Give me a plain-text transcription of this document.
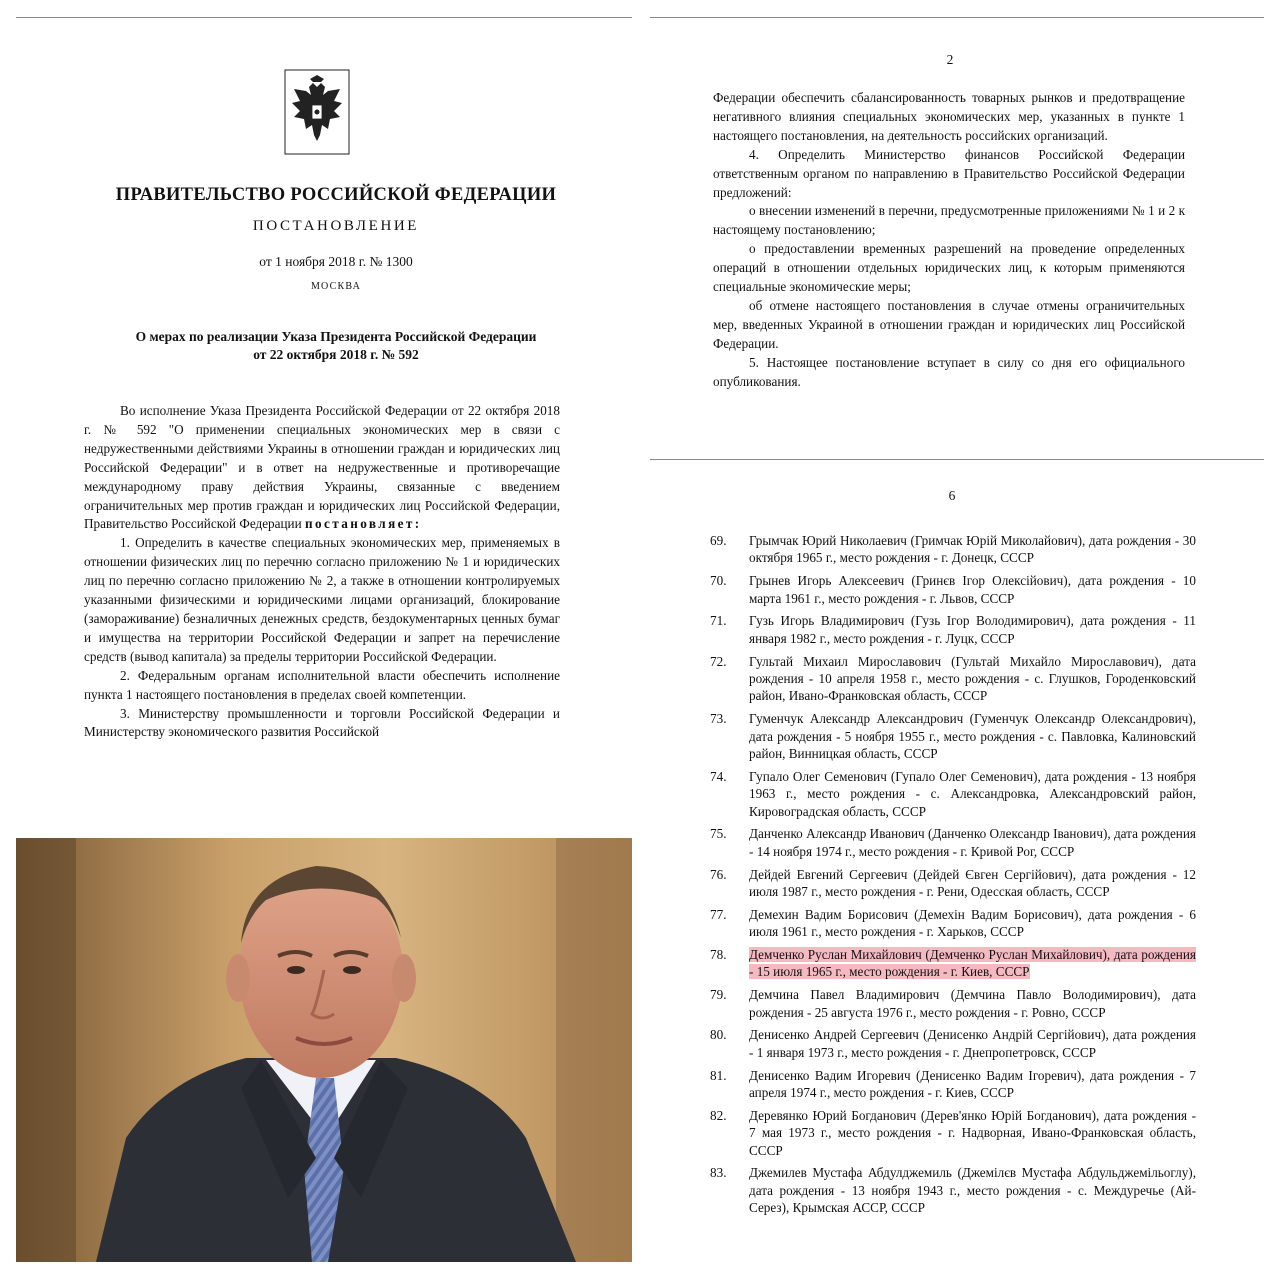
ПРАВИТЕЛЬСТВО РОССИЙСКОЙ ФЕДЕРАЦИИ
ПОСТАНОВЛЕНИЕ
от 1 ноября 2018 г. № 1300
МОСКВА
О мерах по реализации Указа Президента Российской Федерации
от 22 октября 2018 г. № 592

Во исполнение Указа Президента Российской Федерации от 22 октября 2018 г. № 592 "О применении специальных экономических мер в связи с недружественными действиями Украины в отношении граждан и юридических лиц Российской Федерации" и в ответ на недружественные и противоречащие международному праву действия Украины, связанные с введением ограничительных мер против граждан и юридических лиц Российской Федерации, Правительство Российской Федерации постановляет:

1. Определить в качестве специальных экономических мер, применяемых в отношении физических лиц по перечню согласно приложению № 1 и юридических лиц по перечню согласно приложению № 2, а также в отношении контролируемых указанными физическими и юридическими лицами организаций, блокирование (замораживание) безналичных денежных средств, бездокументарных ценных бумаг и имущества на территории Российской Федерации и запрет на перечисление средств (вывод капитала) за пределы территории Российской Федерации.

2. Федеральным органам исполнительной власти обеспечить исполнение пункта 1 настоящего постановления в пределах своей компетенции.

3. Министерству промышленности и торговли Российской Федерации и Министерству экономического развития Российской

2

Федерации обеспечить сбалансированность товарных рынков и предотвращение негативного влияния специальных экономических мер, указанных в пункте 1 настоящего постановления, на деятельность российских организаций.

4. Определить Министерство финансов Российской Федерации ответственным органом по направлению в Правительство Российской Федерации предложений:

о внесении изменений в перечни, предусмотренные приложениями № 1 и 2 к настоящему постановлению;

о предоставлении временных разрешений на проведение определенных операций в отношении отдельных юридических лиц, к которым применяются специальные экономические меры;

об отмене настоящего постановления в случае отмены ограничительных мер, введенных Украиной в отношении граждан и юридических лиц Российской Федерации.

5. Настоящее постановление вступает в силу со дня его официального опубликования.

6
69. Грымчак Юрий Николаевич (Гримчак Юрій Миколайович), дата рождения - 30 октября 1965 г., место рождения - г. Донецк, СССР
70. Грынев Игорь Алексеевич (Гринєв Ігор Олексійович), дата рождения - 10 марта 1961 г., место рождения - г. Львов, СССР
71. Гузь Игорь Владимирович (Гузь Ігор Володимирович), дата рождения - 11 января 1982 г., место рождения - г. Луцк, СССР
72. Гультай Михаил Мирославович (Гультай Михайло Мирославович), дата рождения - 10 апреля 1958 г., место рождения - с. Глушков, Городенковский район, Ивано-Франковская область, СССР
73. Гуменчук Александр Александрович (Гуменчук Олександр Олександрович), дата рождения - 5 ноября 1955 г., место рождения - с. Павловка, Калиновский район, Винницкая область, СССР
74. Гупало Олег Семенович (Гупало Олег Семенович), дата рождения - 13 ноября 1963 г., место рождения - с. Александровка, Александровский район, Кировоградская область, СССР
75. Данченко Александр Иванович (Данченко Олександр Іванович), дата рождения - 14 ноября 1974 г., место рождения - г. Кривой Рог, СССР
76. Дейдей Евгений Сергеевич (Дейдей Євген Сергійович), дата рождения - 12 июля 1987 г., место рождения - г. Рени, Одесская область, СССР
77. Демехин Вадим Борисович (Демехін Вадим Борисович), дата рождения - 6 июля 1961 г., место рождения - г. Харьков, СССР
78. Демченко Руслан Михайлович (Демченко Руслан Михайлович), дата рождения - 15 июля 1965 г., место рождения - г. Киев, СССР
79. Демчина Павел Владимирович (Демчина Павло Володимирович), дата рождения - 25 августа 1976 г., место рождения - г. Ровно, СССР
80. Денисенко Андрей Сергеевич (Денисенко Андрій Сергійович), дата рождения - 1 января 1973 г., место рождения - г. Днепропетровск, СССР
81. Денисенко Вадим Игоревич (Денисенко Вадим Ігоревич), дата рождения - 7 апреля 1974 г., место рождения - г. Киев, СССР
82. Деревянко Юрий Богданович (Дерев'янко Юрій Богданович), дата рождения - 7 мая 1973 г., место рождения - г. Надворная, Ивано-Франковская область, СССР
83. Джемилев Мустафа Абдулджемиль (Джемілєв Мустафа Абдульджемільоглу), дата рождения - 13 ноября 1943 г., место рождения - с. Междуречье (Ай-Серез), Крымская АССР, СССР
